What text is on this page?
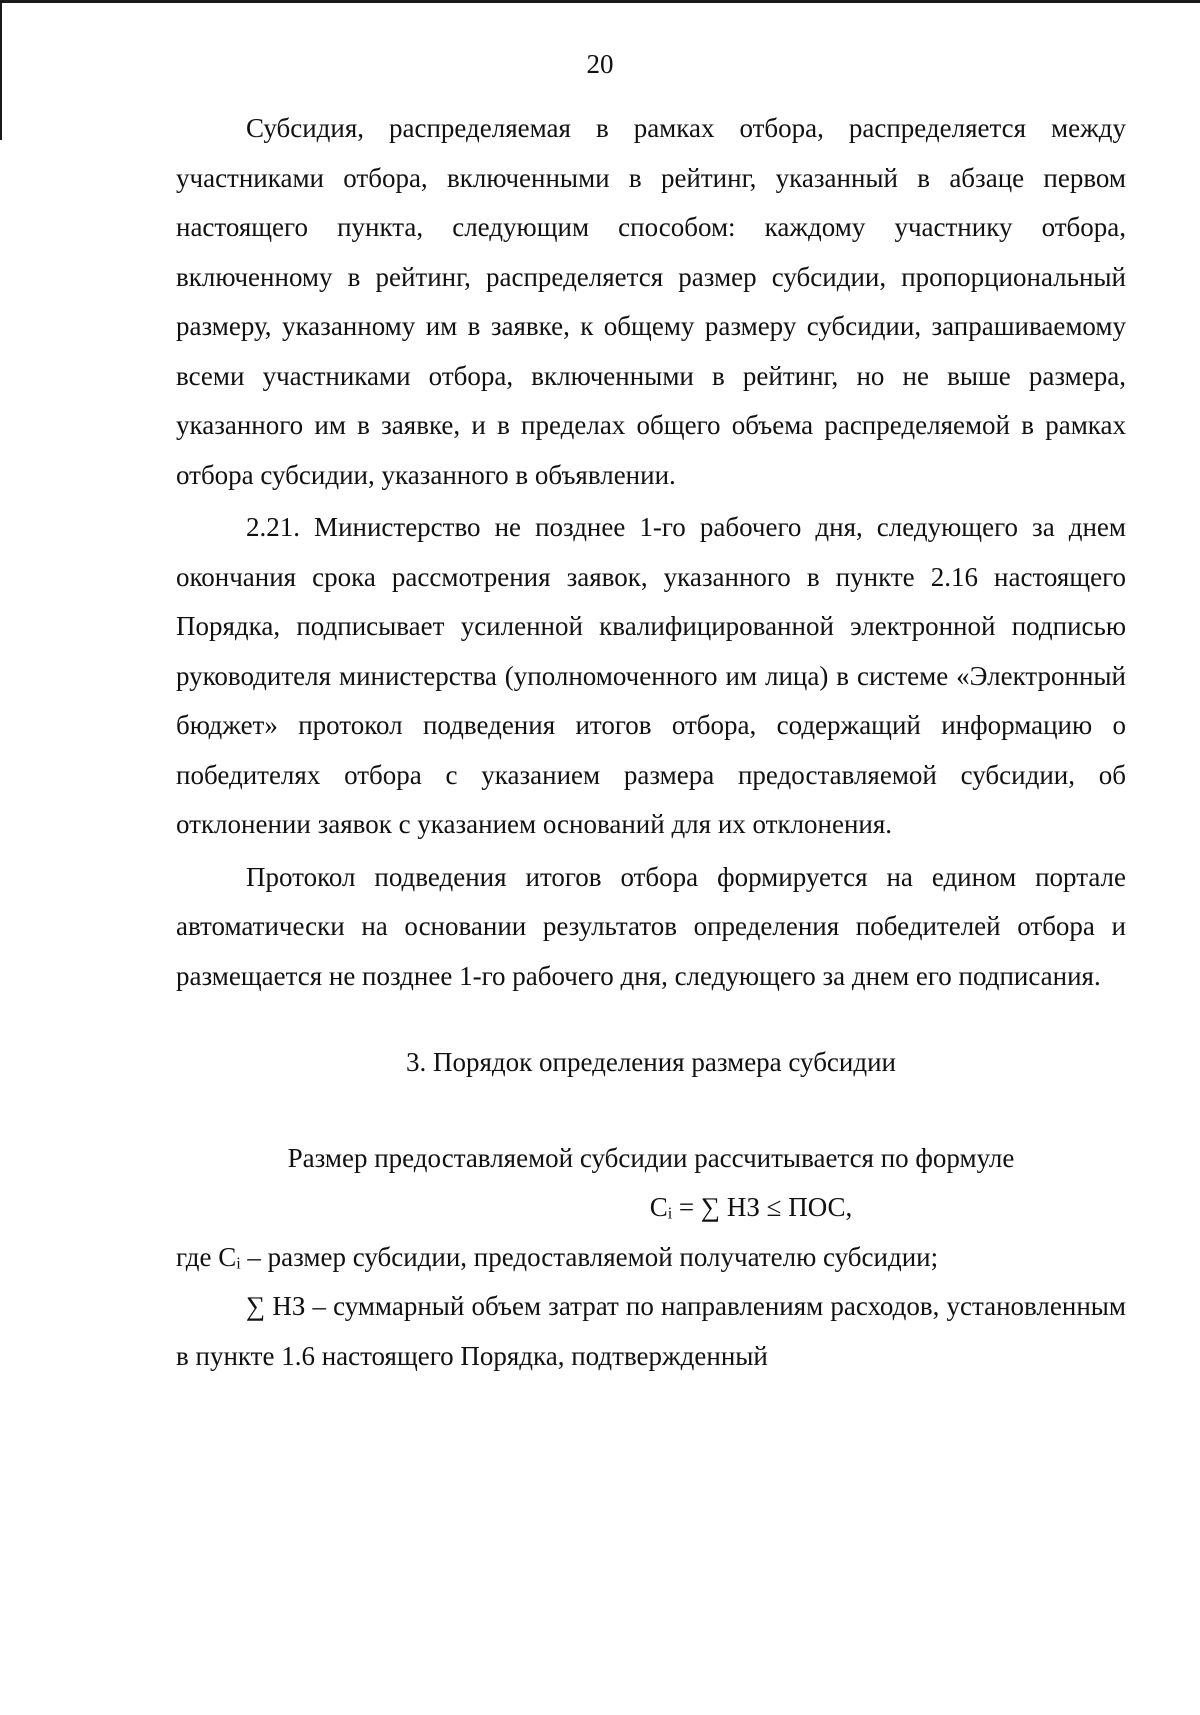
20

Субсидия, распределяемая в рамках отбора, распределяется между участниками отбора, включенными в рейтинг, указанный в абзаце первом настоящего пункта, следующим способом: каждому участнику отбора, включенному в рейтинг, распределяется размер субсидии, пропорциональный размеру, указанному им в заявке, к общему размеру субсидии, запрашиваемому всеми участниками отбора, включенными в рейтинг, но не выше размера, указанного им в заявке, и в пределах общего объема распределяемой в рамках отбора субсидии, указанного в объявлении.

2.21. Министерство не позднее 1-го рабочего дня, следующего за днем окончания срока рассмотрения заявок, указанного в пункте 2.16 настоящего Порядка, подписывает усиленной квалифицированной электронной подписью руководителя министерства (уполномоченного им лица) в системе «Электронный бюджет» протокол подведения итогов отбора, содержащий информацию о победителях отбора с указанием размера предоставляемой субсидии, об отклонении заявок с указанием оснований для их отклонения.

Протокол подведения итогов отбора формируется на едином портале автоматически на основании результатов определения победителей отбора и размещается не позднее 1-го рабочего дня, следующего за днем его подписания.

3. Порядок определения размера субсидии
Размер предоставляемой субсидии рассчитывается по формуле
Cᵢ = ∑ НЗ ≤ ПОС,

где Cᵢ – размер субсидии, предоставляемой получателю субсидии;

∑ НЗ – суммарный объем затрат по направлениям расходов, установленным в пункте 1.6 настоящего Порядка, подтвержденный
